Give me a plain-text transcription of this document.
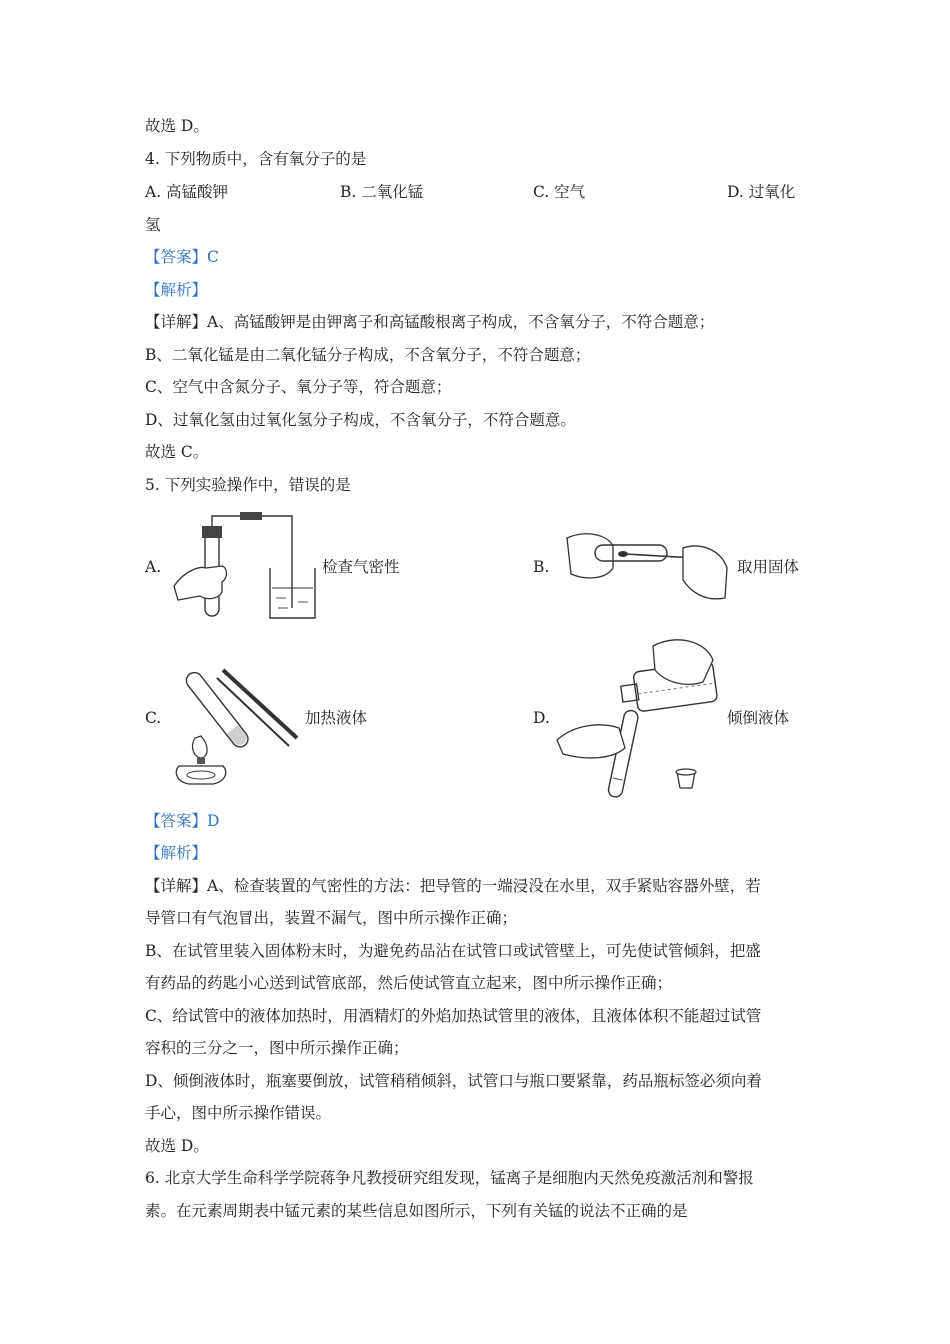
故选 D。
4. 下列物质中，含有氧分子的是
A. 高锰酸钾	B. 二氧化锰	C. 空气	D. 过氧化
氢
【答案】C
【解析】
【详解】A、高锰酸钾是由钾离子和高锰酸根离子构成，不含氧分子，不符合题意；
B、二氧化锰是由二氧化锰分子构成，不含氧分子，不符合题意；
C、空气中含氮分子、氧分子等，符合题意；
D、过氧化氢由过氧化氢分子构成，不含氧分子，不符合题意。
故选 C。
5. 下列实验操作中，错误的是
A.	检查气密性	B.	取用固体
C.	加热液体	D.	倾倒液体
【答案】D
【解析】
【详解】A、检查装置的气密性的方法：把导管的一端浸没在水里，双手紧贴容器外壁，若
导管口有气泡冒出，装置不漏气，图中所示操作正确；
B、在试管里装入固体粉末时，为避免药品沾在试管口或试管壁上，可先使试管倾斜，把盛
有药品的药匙小心送到试管底部，然后使试管直立起来，图中所示操作正确；
C、给试管中的液体加热时，用酒精灯的外焰加热试管里的液体，且液体体积不能超过试管
容积的三分之一，图中所示操作正确；
D、倾倒液体时，瓶塞要倒放，试管稍稍倾斜，试管口与瓶口要紧靠，药品瓶标签必须向着
手心，图中所示操作错误。
故选 D。
6. 北京大学生命科学学院蒋争凡教授研究组发现，锰离子是细胞内天然免疫激活剂和警报
素。在元素周期表中锰元素的某些信息如图所示，下列有关锰的说法不正确的是
